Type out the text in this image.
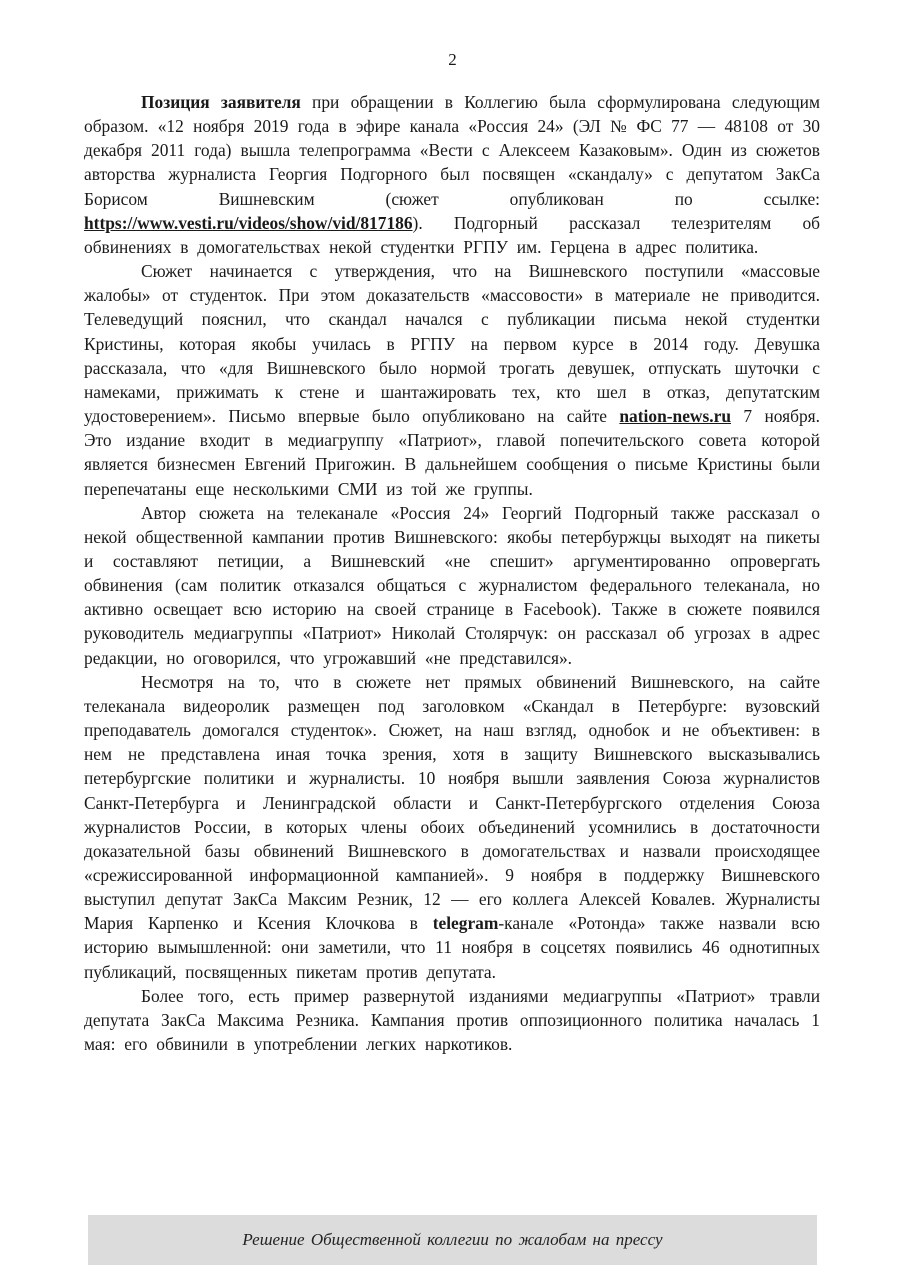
2

Позиция заявителя при обращении в Коллегию была сформулирована следующим образом. «12 ноября 2019 года в эфире канала «Россия 24» (ЭЛ № ФС 77 — 48108 от 30 декабря 2011 года) вышла телепрограмма «Вести с Алексеем Казаковым». Один из сюжетов авторства журналиста Георгия Подгорного был посвящен «скандалу» с депутатом ЗакСа Борисом Вишневским (сюжет опубликован по ссылке: https://www.vesti.ru/videos/show/vid/817186). Подгорный рассказал телезрителям об обвинениях в домогательствах некой студентки РГПУ им. Герцена в адрес политика.

Сюжет начинается с утверждения, что на Вишневского поступили «массовые жалобы» от студенток. При этом доказательств «массовости» в материале не приводится. Телеведущий пояснил, что скандал начался с публикации письма некой студентки Кристины, которая якобы училась в РГПУ на первом курсе в 2014 году. Девушка рассказала, что «для Вишневского было нормой трогать девушек, отпускать шуточки с намеками, прижимать к стене и шантажировать тех, кто шел в отказ, депутатским удостоверением». Письмо впервые было опубликовано на сайте nation-news.ru 7 ноября. Это издание входит в медиагруппу «Патриот», главой попечительского совета которой является бизнесмен Евгений Пригожин. В дальнейшем сообщения о письме Кристины были перепечатаны еще несколькими СМИ из той же группы.

Автор сюжета на телеканале «Россия 24» Георгий Подгорный также рассказал о некой общественной кампании против Вишневского: якобы петербуржцы выходят на пикеты и составляют петиции, а Вишневский «не спешит» аргументированно опровергать обвинения (сам политик отказался общаться с журналистом федерального телеканала, но активно освещает всю историю на своей странице в Facebook). Также в сюжете появился руководитель медиагруппы «Патриот» Николай Столярчук: он рассказал об угрозах в адрес редакции, но оговорился, что угрожавший «не представился».

Несмотря на то, что в сюжете нет прямых обвинений Вишневского, на сайте телеканала видеоролик размещен под заголовком «Скандал в Петербурге: вузовский преподаватель домогался студенток». Сюжет, на наш взгляд, однобок и не объективен: в нем не представлена иная точка зрения, хотя в защиту Вишневского высказывались петербургские политики и журналисты. 10 ноября вышли заявления Союза журналистов Санкт-Петербурга и Ленинградской области и Санкт-Петербургского отделения Союза журналистов России, в которых члены обоих объединений усомнились в достаточности доказательной базы обвинений Вишневского в домогательствах и назвали происходящее «срежиссированной информационной кампанией». 9 ноября в поддержку Вишневского выступил депутат ЗакСа Максим Резник, 12 — его коллега Алексей Ковалев. Журналисты Мария Карпенко и Ксения Клочкова в telegram-канале «Ротонда» также назвали всю историю вымышленной: они заметили, что 11 ноября в соцсетях появились 46 однотипных публикаций, посвященных пикетам против депутата.

Более того, есть пример развернутой изданиями медиагруппы «Патриот» травли депутата ЗакСа Максима Резника. Кампания против оппозиционного политика началась 1 мая: его обвинили в употреблении легких наркотиков.

Решение Общественной коллегии по жалобам на прессу
